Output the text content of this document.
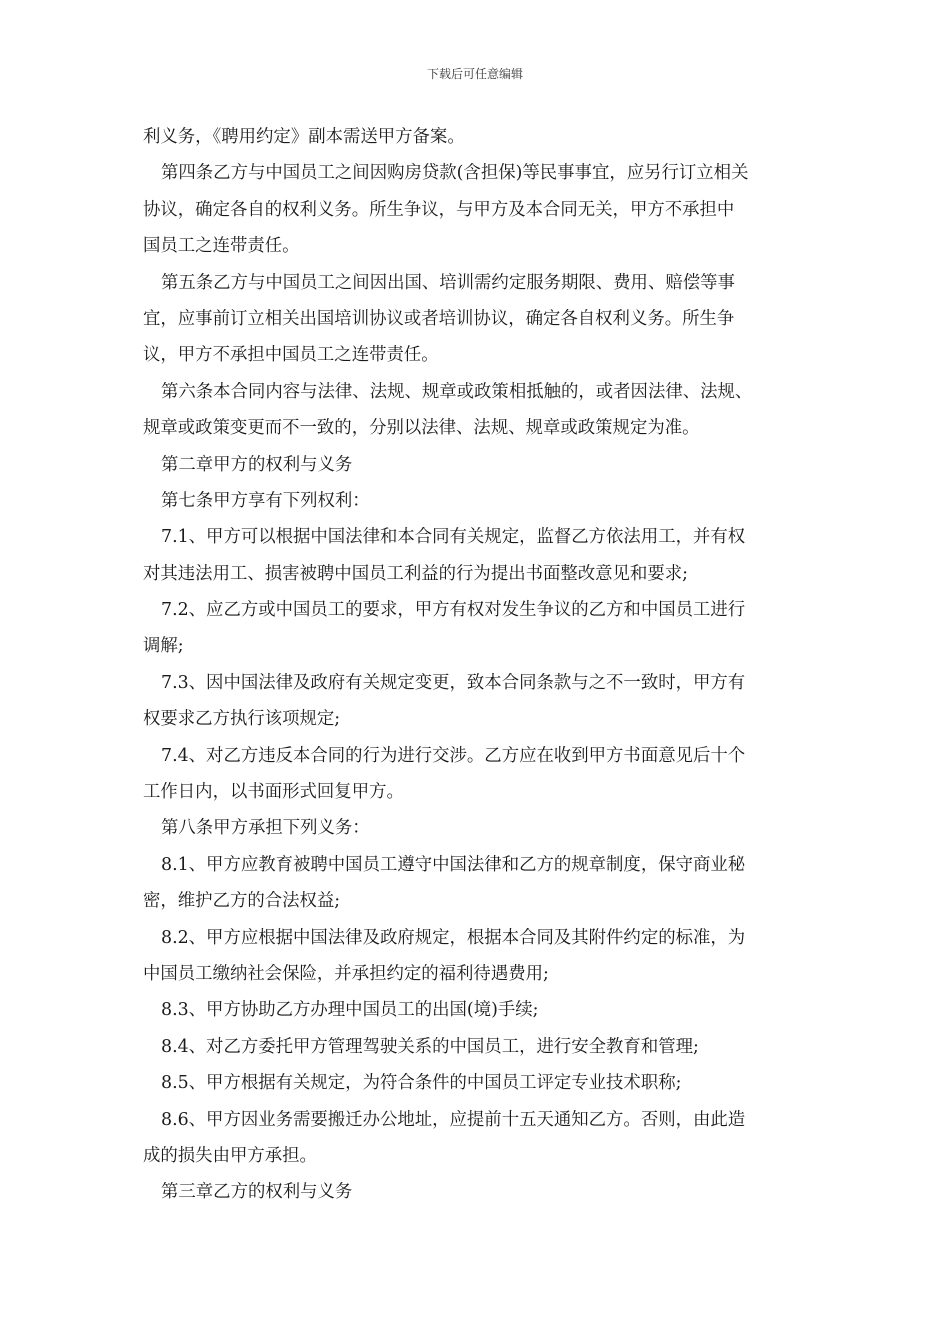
下载后可任意编辑
利义务，《聘用约定》副本需送甲方备案。
第四条乙方与中国员工之间因购房贷款(含担保)等民事事宜，应另行订立相关
协议，确定各自的权利义务。所生争议，与甲方及本合同无关，甲方不承担中
国员工之连带责任。
第五条乙方与中国员工之间因出国、培训需约定服务期限、费用、赔偿等事
宜，应事前订立相关出国培训协议或者培训协议，确定各自权利义务。所生争
议，甲方不承担中国员工之连带责任。
第六条本合同内容与法律、法规、规章或政策相抵触的，或者因法律、法规、
规章或政策变更而不一致的，分别以法律、法规、规章或政策规定为准。
第二章甲方的权利与义务
第七条甲方享有下列权利：
7.1、甲方可以根据中国法律和本合同有关规定，监督乙方依法用工，并有权
对其违法用工、损害被聘中国员工利益的行为提出书面整改意见和要求;
7.2、应乙方或中国员工的要求，甲方有权对发生争议的乙方和中国员工进行
调解;
7.3、因中国法律及政府有关规定变更，致本合同条款与之不一致时，甲方有
权要求乙方执行该项规定;
7.4、对乙方违反本合同的行为进行交涉。乙方应在收到甲方书面意见后十个
工作日内，以书面形式回复甲方。
第八条甲方承担下列义务：
8.1、甲方应教育被聘中国员工遵守中国法律和乙方的规章制度，保守商业秘
密，维护乙方的合法权益;
8.2、甲方应根据中国法律及政府规定，根据本合同及其附件约定的标准，为
中国员工缴纳社会保险，并承担约定的福利待遇费用;
8.3、甲方协助乙方办理中国员工的出国(境)手续;
8.4、对乙方委托甲方管理驾驶关系的中国员工，进行安全教育和管理;
8.5、甲方根据有关规定，为符合条件的中国员工评定专业技术职称;
8.6、甲方因业务需要搬迁办公地址，应提前十五天通知乙方。否则，由此造
成的损失由甲方承担。
第三章乙方的权利与义务
